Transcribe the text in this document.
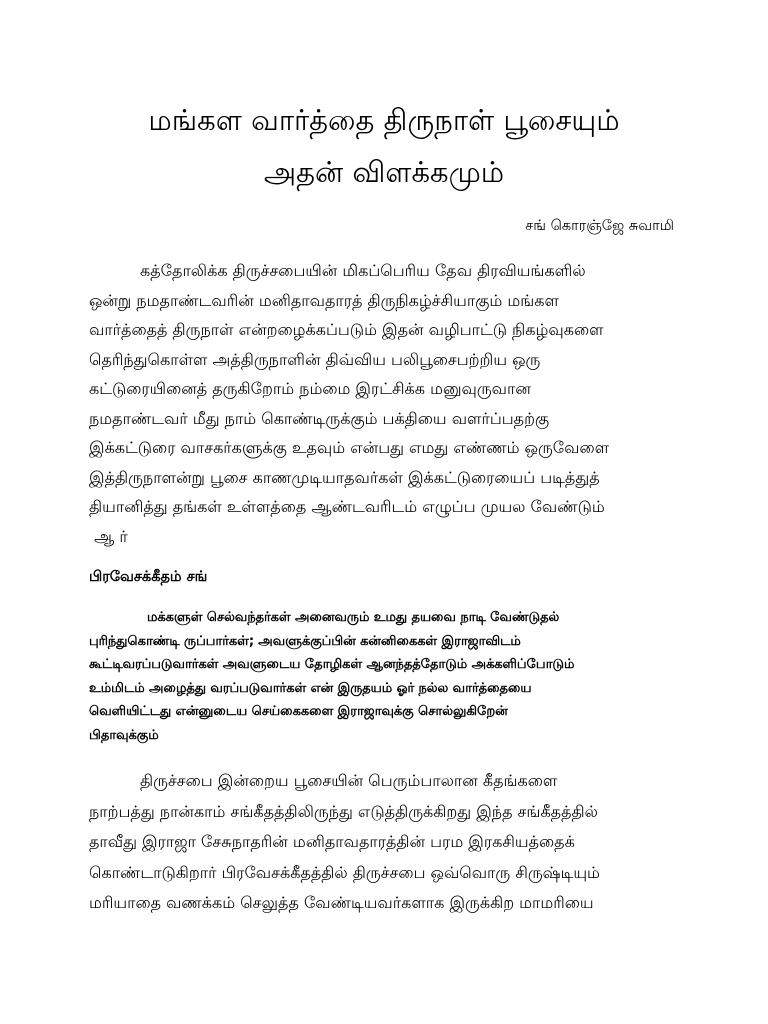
மங்கள வார்த்தை திருநாள் பூசையும்
அதன் விளக்கமும்
சங் கொரஞ்ஜே சுவாமி
கத்தோலிக்க திருச்சபையின் மிகப்பெரிய தேவ திரவியங்களில்
ஒன்று நமதாண்டவரின் மனிதாவதாரத் திருநிகழ்ச்சியாகும் மங்கள
வார்த்தைத் திருநாள் என்றழைக்கப்படும் இதன் வழிபாட்டு நிகழ்வுகளை
தெரிந்துகொள்ள அத்திருநாளின் திவ்விய பலிபூசைபற்றிய ஒரு
கட்டுரையினைத் தருகிறோம் நம்மை இரட்சிக்க மனுவுருவான
நமதாண்டவர் மீது நாம் கொண்டிருக்கும் பக்தியை வளர்ப்பதற்கு
இக்கட்டுரை வாசகர்களுக்கு உதவும் என்பது எமது எண்ணம் ஒருவேளை
இத்திருநாளன்று பூசை காணமுடியாதவர்கள் இக்கட்டுரையைப் படித்துத்
தியானித்து தங்கள் உள்ளத்தை ஆண்டவரிடம் எழுப்ப முயல வேண்டும்
ஆ ர்
பிரவேசக்கீதம் சங்
மக்களுள் செல்வந்தர்கள் அனைவரும் உமது தயவை நாடி வேண்டுதல்
புரிந்துகொண்டி ருப்பார்கள்; அவளுக்குப்பின் கன்னிகைகள் இராஜாவிடம்
கூட்டிவரப்படுவார்கள் அவளுடைய தோழிகள் ஆனந்தத்தோடும் அக்களிப்போடும்
உம்மிடம் அழைத்து வரப்படுவார்கள் என் இருதயம் ஓர் நல்ல வார்த்தையை
வெளியிட்டது என்னுடைய செய்கைகளை இராஜாவுக்கு சொல்லுகிறேன்
பிதாவுக்கும்
திருச்சபை இன்றைய பூசையின் பெரும்பாலான கீதங்களை
நாற்பத்து நான்காம் சங்கீதத்திலிருந்து எடுத்திருக்கிறது இந்த சங்கீதத்தில்
தாவீது இராஜா சேசுநாதரின் மனிதாவதாரத்தின் பரம இரகசியத்தைக்
கொண்டாடுகிறார் பிரவேசக்கீதத்தில் திருச்சபை ஒவ்வொரு சிருஷ்டியும்
மரியாதை வணக்கம் செலுத்த வேண்டியவர்களாக இருக்கிற மாமரியை
